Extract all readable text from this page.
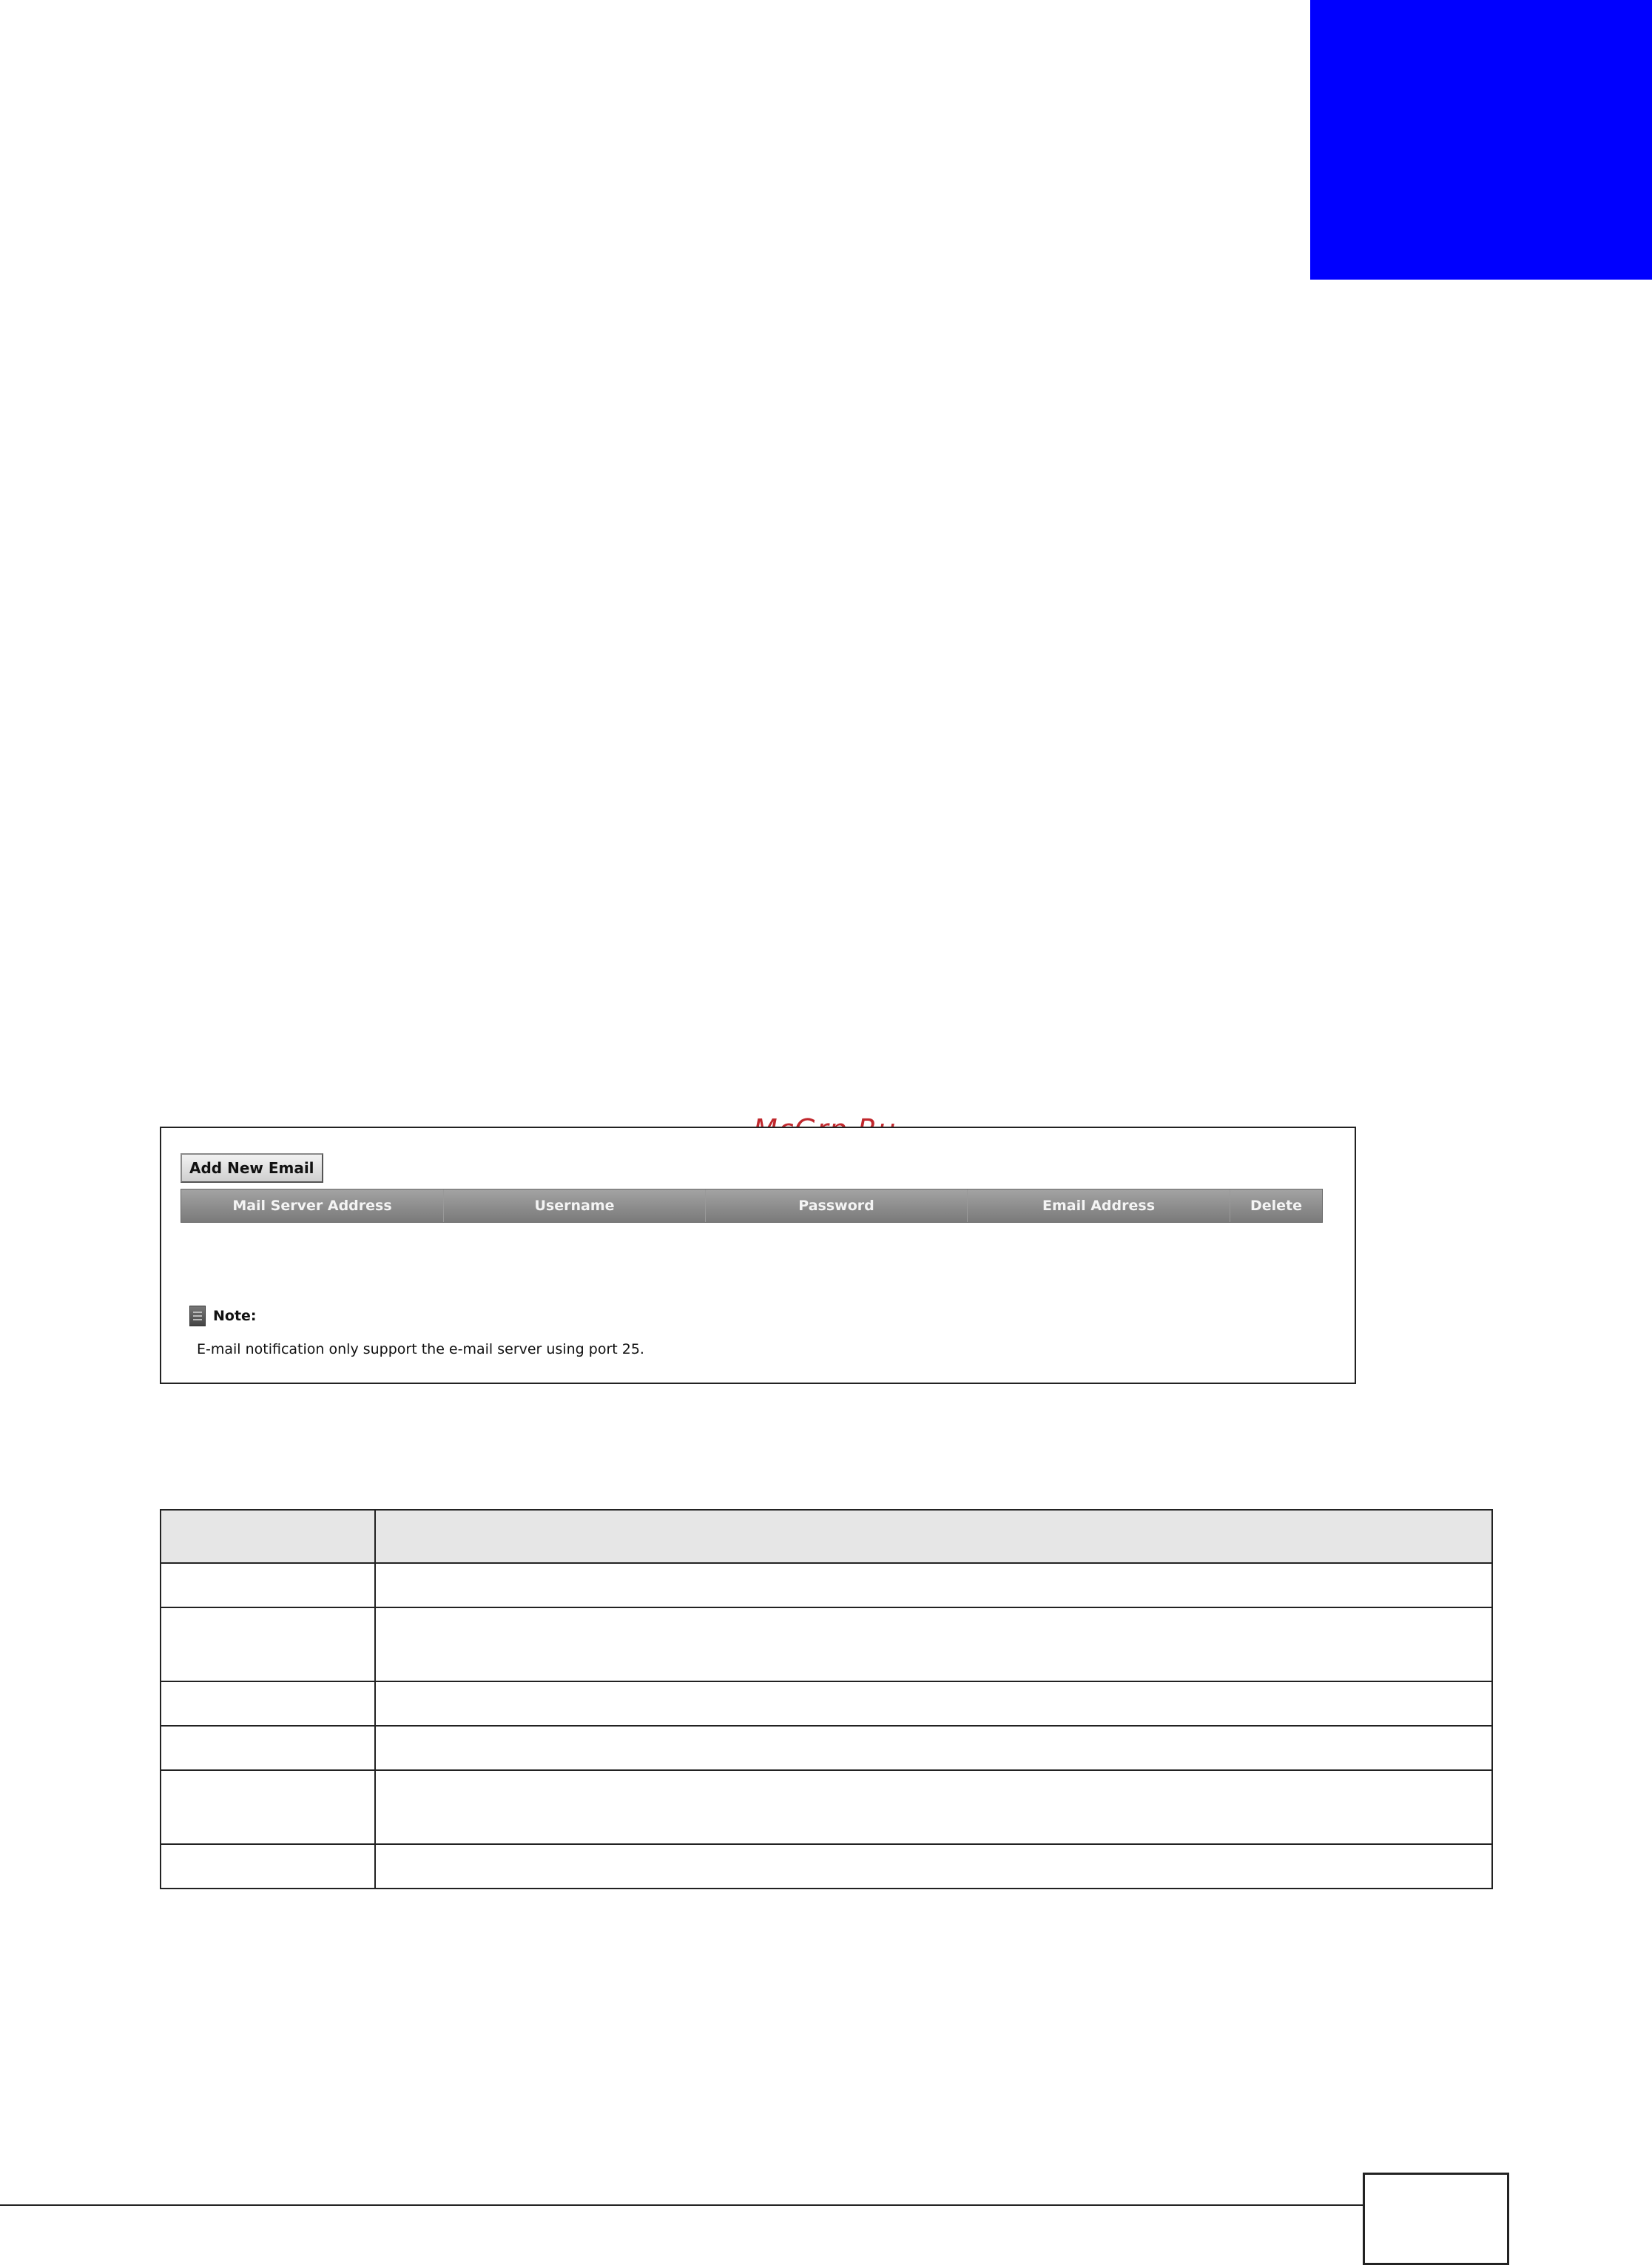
Add New Email
Mail Server Address	Username	Password	Email Address	Delete
Note:
E-mail notification only support the e-mail server using port 25.
